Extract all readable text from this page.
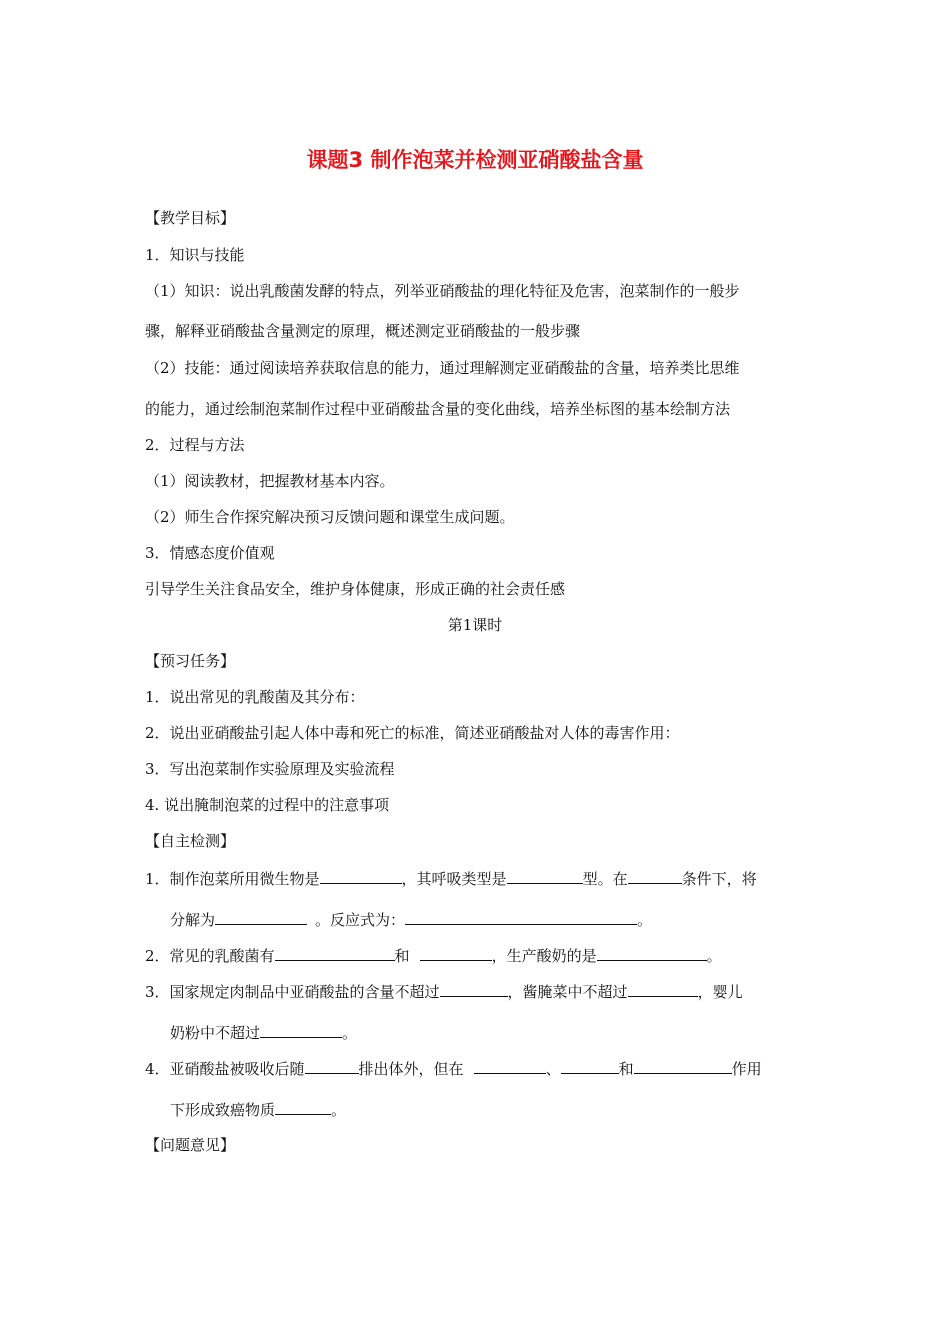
课题3 制作泡菜并检测亚硝酸盐含量
【教学目标】
1．知识与技能
（1）知识：说出乳酸菌发酵的特点，列举亚硝酸盐的理化特征及危害，泡菜制作的一般步
骤，解释亚硝酸盐含量测定的原理，概述测定亚硝酸盐的一般步骤
（2）技能：通过阅读培养获取信息的能力，通过理解测定亚硝酸盐的含量，培养类比思维
的能力，通过绘制泡菜制作过程中亚硝酸盐含量的变化曲线，培养坐标图的基本绘制方法
2．过程与方法
（1）阅读教材，把握教材基本内容。
（2）师生合作探究解决预习反馈问题和课堂生成问题。
3．情感态度价值观
引导学生关注食品安全，维护身体健康，形成正确的社会责任感
第1课时
【预习任务】
1．说出常见的乳酸菌及其分布：
2．说出亚硝酸盐引起人体中毒和死亡的标准，简述亚硝酸盐对人体的毒害作用：
3．写出泡菜制作实验原理及实验流程
4. 说出腌制泡菜的过程中的注意事项
【自主检测】
1．制作泡菜所用微生物是	，其呼吸类型是	型。在	条件下，将
分解为	。反应式为：	。
2．常见的乳酸菌有	和	，生产酸奶的是	。
3．国家规定肉制品中亚硝酸盐的含量不超过	，酱腌菜中不超过	，婴儿
奶粉中不超过	。
4．亚硝酸盐被吸收后随	排出体外，但在	、	和	作用
下形成致癌物质	。
【问题意见】
